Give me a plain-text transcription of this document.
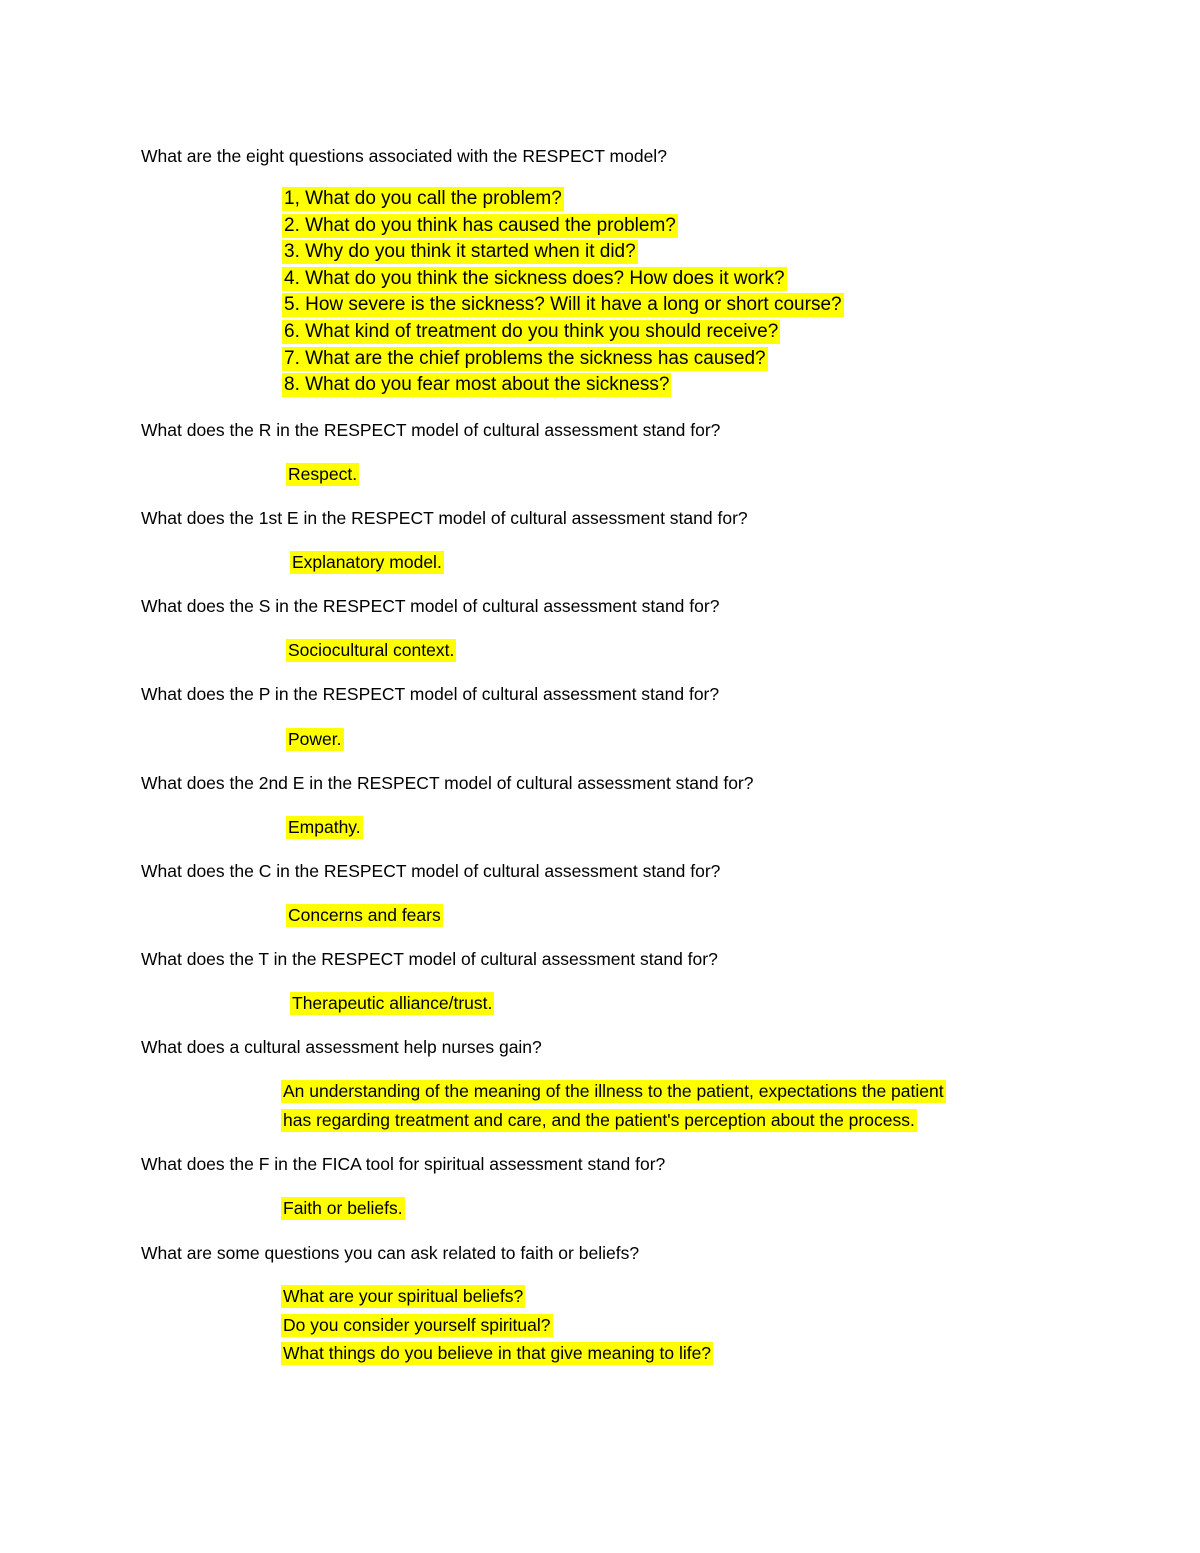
What are the eight questions associated with the RESPECT model?
1, What do you call the problem?
2. What do you think has caused the problem?
3. Why do you think it started when it did?
4. What do you think the sickness does? How does it work?
5. How severe is the sickness? Will it have a long or short course?
6. What kind of treatment do you think you should receive?
7. What are the chief problems the sickness has caused?
8. What do you fear most about the sickness?
What does the R in the RESPECT model of cultural assessment stand for?
Respect.
What does the 1st E in the RESPECT model of cultural assessment stand for?
Explanatory model.
What does the S in the RESPECT model of cultural assessment stand for?
Sociocultural context.
What does the P in the RESPECT model of cultural assessment stand for?
Power.
What does the 2nd E in the RESPECT model of cultural assessment stand for?
Empathy.
What does the C in the RESPECT model of cultural assessment stand for?
Concerns and fears
What does the T in the RESPECT model of cultural assessment stand for?
Therapeutic alliance/trust.
What does a cultural assessment help nurses gain?
An understanding of the meaning of the illness to the patient, expectations the patient
has regarding treatment and care, and the patient's perception about the process.
What does the F in the FICA tool for spiritual assessment stand for?
Faith or beliefs.
What are some questions you can ask related to faith or beliefs?
What are your spiritual beliefs?
Do you consider yourself spiritual?
What things do you believe in that give meaning to life?
